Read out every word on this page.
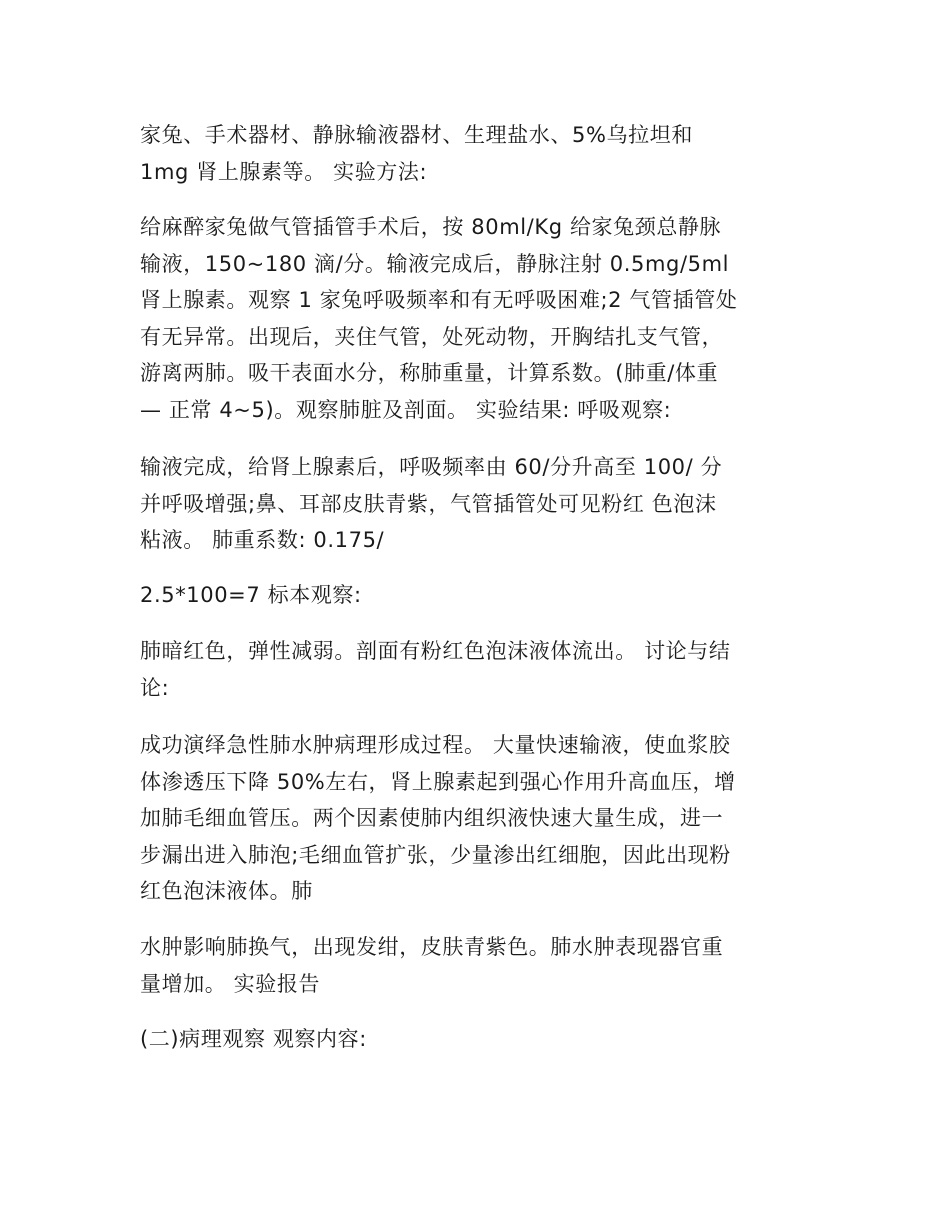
家兔、手术器材、静脉输液器材、生理盐水、5%乌拉坦和
1mg 肾上腺素等。 实验方法:

给麻醉家兔做气管插管手术后，按 80ml/Kg 给家兔颈总静脉
输液，150~180 滴/分。输液完成后，静脉注射 0.5mg/5ml
肾上腺素。观察 1 家兔呼吸频率和有无呼吸困难;2 气管插管处
有无异常。出现后，夹住气管，处死动物，开胸结扎支气管，
游离两肺。吸干表面水分，称肺重量，计算系数。(肺重/体重
— 正常 4~5)。观察肺脏及剖面。 实验结果: 呼吸观察:

输液完成，给肾上腺素后，呼吸频率由 60/分升高至 100/ 分
并呼吸增强;鼻、耳部皮肤青紫，气管插管处可见粉红 色泡沫
粘液。 肺重系数: 0.175/

2.5*100=7 标本观察:

肺暗红色，弹性减弱。剖面有粉红色泡沫液体流出。 讨论与结
论:

成功演绎急性肺水肿病理形成过程。 大量快速输液，使血浆胶
体渗透压下降 50%左右，肾上腺素起到强心作用升高血压，增
加肺毛细血管压。两个因素使肺内组织液快速大量生成，进一
步漏出进入肺泡;毛细血管扩张，少量渗出红细胞，因此出现粉
红色泡沫液体。肺

水肿影响肺换气，出现发绀，皮肤青紫色。肺水肿表现器官重
量增加。 实验报告

(二)病理观察 观察内容:
